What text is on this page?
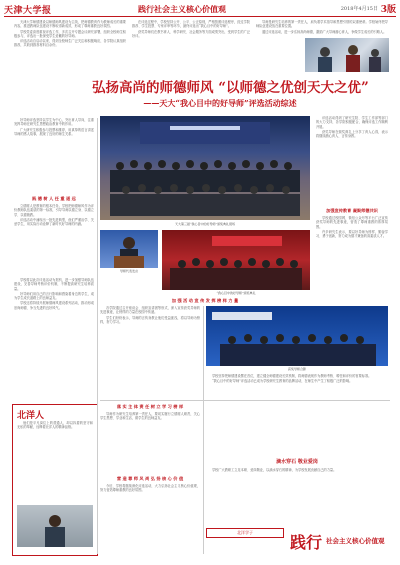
天津大学报	践行社会主义核心价值观	2018年4月15日 3版

天津大学师德建设以师德师风建设为主线，把师德教育作为教师成长的重要内容，推进教师队伍建设不断取得新成效，形成了尊师重教良好氛围。

学校党委高度重视评选工作，多次召开专题会议研究部署，组织全校师生积极参与，评选出一批深受学生爱戴的好导师。

评选活动自启动以来，得到全校师生广泛关注和积极响应，各学院认真组织推荐，共收到推荐材料百余份。

在评选过程中，学校坚持公开、公平、公正原则，严格按照评选程序，经过学院推荐、学生投票、专家评审等环节，最终评选出“我心目中的好导师”。

获奖导师们在教书育人、科学研究、社会服务等方面成绩突出，受到学生的广泛好评。

导师是研究生培养的第一责任人，肩负着学术指导和思想引领的双重使命。学校始终把导师队伍建设放在重要位置。

通过评选活动，进一步弘扬高尚师德，激励广大导师潜心育人，争做学生成长的引路人。

弘扬高尚的师德师风 “以师德之优创天大之优”
——天大“我心目中的好导师”评选活动综述

好导师评选坚持以学生为中心，突出育人导向，注重发挥导师在研究生思想政治教育中的作用。

广大研究生积极参与投票和推荐，用真挚的语言讲述导师的感人故事，展现了良好的师生关系。

践 德 树 人 任 重 道 远

立德树人是教育的根本任务。学校把师德师风作为评价教师队伍素质的第一标准，引导导师以德立身、以德立学、以德施教。

评选活动中涌现出一批先进典型，他们严谨治学、关爱学生，用实际行动诠释了新时代好导师的内涵。	天大第三届“我心目中的好导师”颁奖典礼现场

评选活动得到了研究生院、学生工作部等部门的大力支持，各学院积极配合，确保评选工作顺利开展。

获奖导师在颁奖典礼上分享了育人心得，表示将继续潜心育人、言传身教。

加强宣传教育 凝聚师德共识

学校通过校园网、微信公众号等平台广泛宣传获奖导师的先进事迹，营造了尊师重教的浓厚氛围。

许多研究生表示，要以好导师为榜样，勤奋学习、勇于创新，努力成为德才兼备的高素质人才。

导师代表发言
“我心目中的好导师”颁奖典礼

学校将以此次评选活动为契机，进一步加强导师队伍建设，完善导师考核评价机制，不断提高研究生培养质量。

好导师们用自己的言行影响和感染着身边的学生，成为学生成长道路上的良师益友。

学校还将持续开展师德师风建设系列活动，推动形成崇尚师德、争当先进的良好风气。

加 强 活 动 宣 传 发 挥 榜 样 力 量

各学院通过召开座谈会、组织宣讲团等形式，深入宣传获奖导师的先进事迹，让榜样的力量在校园中传递。

学生们纷纷表示，导师的言传身教让他们受益匪浅，将以导师为榜样，努力学习。

获奖导师合影
落 实 主 体 责 任 树 立 学 习 榜 样

导师作为研究生培养第一责任人，要切实履行立德树人职责，关心学生思想、学业和生活，做学生的良师益友。

学校坚持把师德建设摆在首位，建立健全师德建设长效机制，将师德表现作为教师考核、聘任和评价的首要标准。

“我心目中的好导师”评选活动已成为学校研究生教育的品牌活动，在师生中产生了积极广泛的影响。

营 造 尊 师 风 尚 弘 扬 核 心 价 值

今后，学校将继续深化评选活动，大力弘扬社会主义核心价值观，努力营造尊师重教的良好氛围。

北洋人

他们是平凡岗位上的普通人，却以执着的坚守和无私的奉献，诠释着北洋人的精神品格。

滴水穿石 敬业爱岗

学校广大教职工立足本职、爱岗敬业，以滴水穿石的精神，为学校发展贡献自己的力量。

北洋学子
践行 社会主义核心价值观
